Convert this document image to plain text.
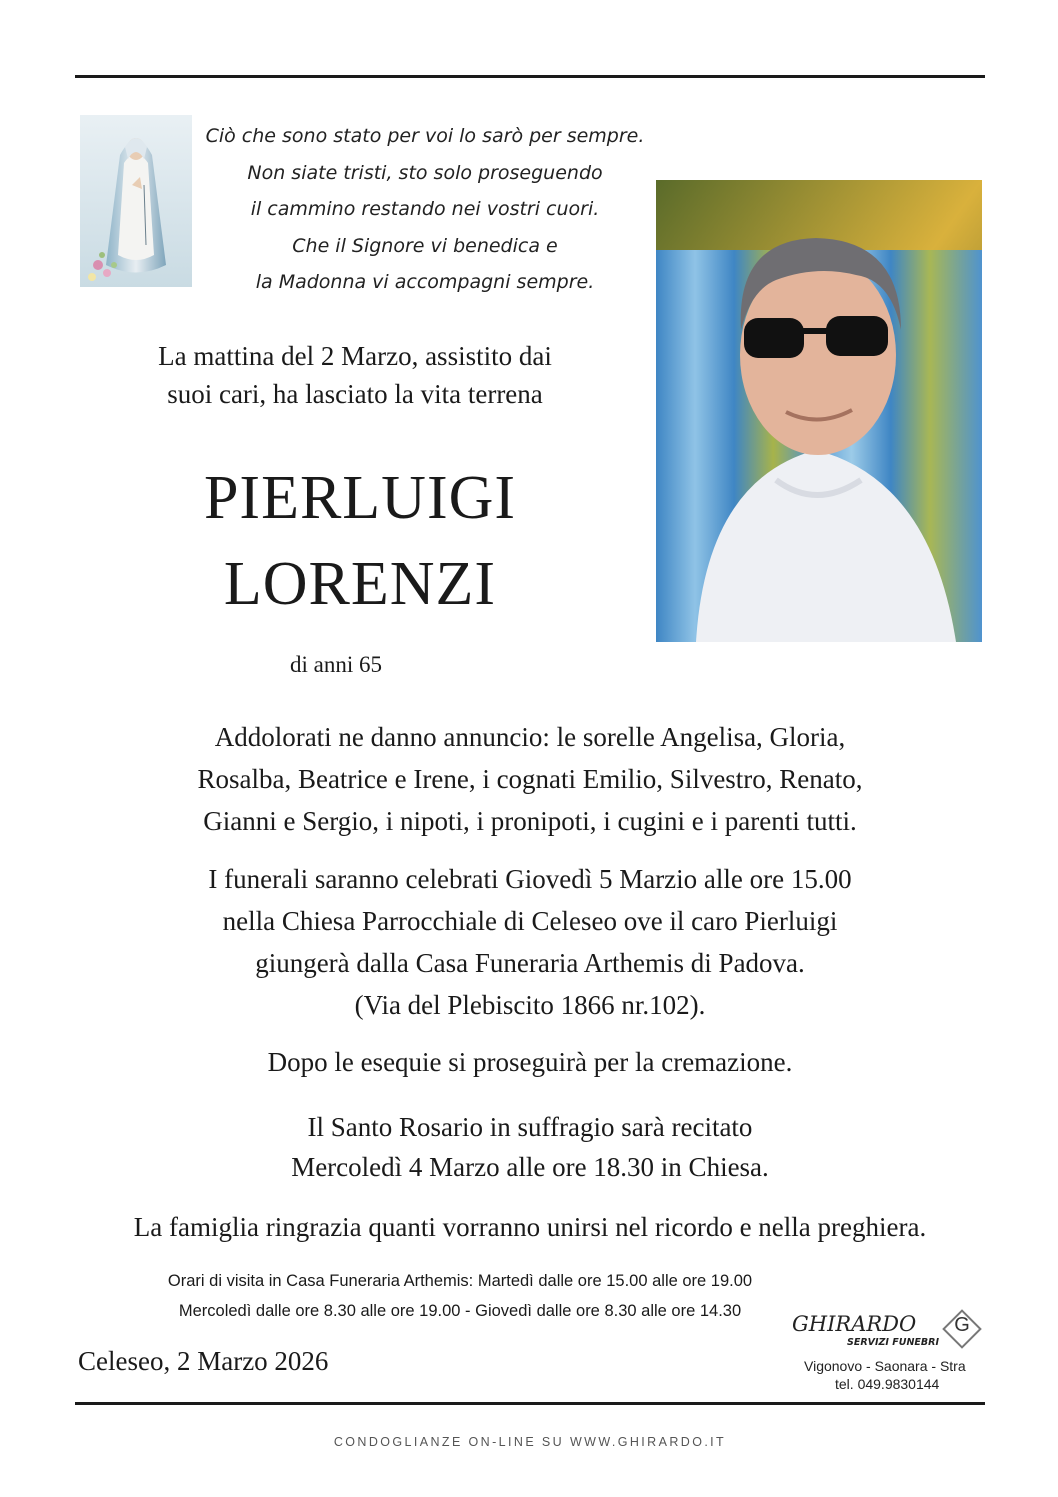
Ciò che sono stato per voi lo sarò per sempre.
Non siate tristi, sto solo proseguendo
il cammino restando nei vostri cuori.
Che il Signore vi benedica e
la Madonna vi accompagni sempre.
La mattina del 2 Marzo, assistito dai
suoi cari, ha lasciato la vita terrena
PIERLUIGI
LORENZI
di anni 65
Addolorati ne danno annuncio: le sorelle Angelisa, Gloria,
Rosalba, Beatrice e Irene, i cognati Emilio, Silvestro, Renato,
Gianni e Sergio, i nipoti, i pronipoti, i cugini e i parenti tutti.
I funerali saranno celebrati Giovedì 5 Marzio alle ore 15.00
nella Chiesa Parrocchiale di Celeseo ove il caro Pierluigi
giungerà dalla Casa Funeraria Arthemis di Padova.
(Via del Plebiscito 1866 nr.102).
Dopo le esequie si proseguirà per la cremazione.
Il Santo Rosario in suffragio sarà recitato
Mercoledì 4 Marzo alle ore 18.30 in Chiesa.
La famiglia ringrazia quanti vorranno unirsi nel ricordo e nella preghiera.
Orari di visita in Casa Funeraria Arthemis: Martedì dalle ore 15.00 alle ore 19.00
Mercoledì dalle ore 8.30 alle ore 19.00 - Giovedì dalle ore 8.30 alle ore 14.30
Celeseo, 2 Marzo 2026
GHIRARDO
SERVIZI FUNEBRI
G
Vigonovo - Saonara - Stra
tel. 049.9830144
CONDOGLIANZE ON-LINE SU WWW.GHIRARDO.IT
